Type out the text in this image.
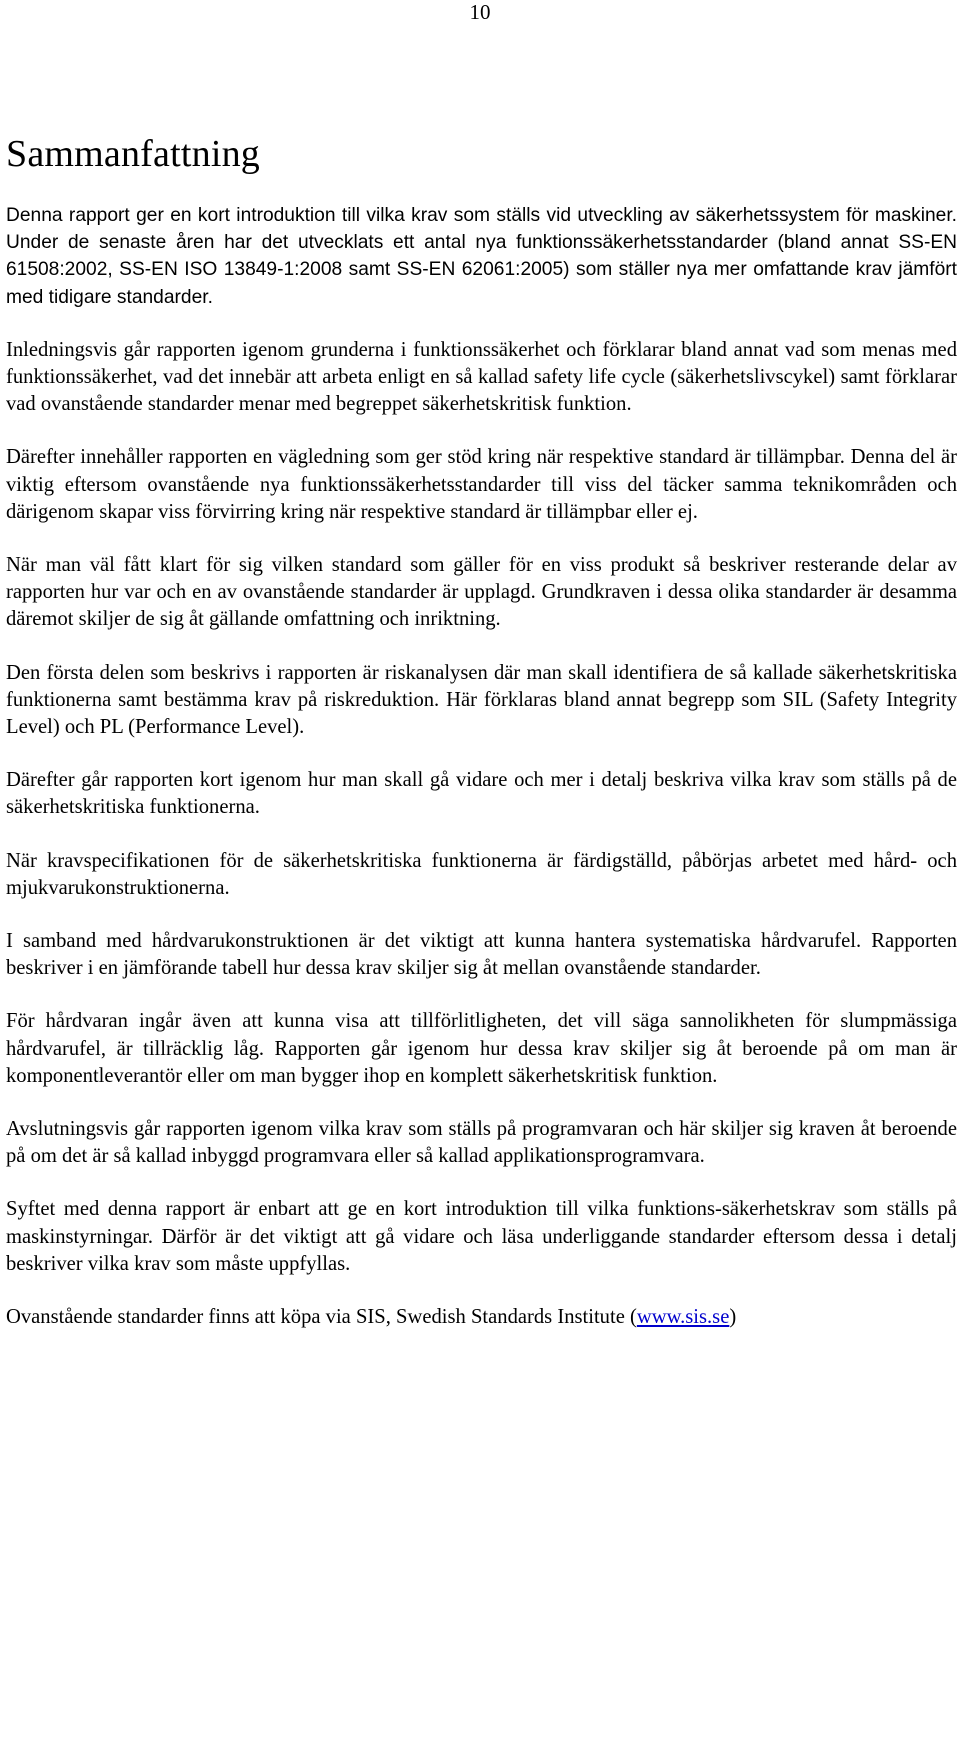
10
Sammanfattning

Denna rapport ger en kort introduktion till vilka krav som ställs vid utveckling av säkerhetssystem för maskiner. Under de senaste åren har det utvecklats ett antal nya funktionssäkerhetsstandarder (bland annat SS-EN 61508:2002, SS-EN ISO 13849-1:2008 samt SS-EN 62061:2005) som ställer nya mer omfattande krav jämfört med tidigare standarder.

Inledningsvis går rapporten igenom grunderna i funktionssäkerhet och förklarar bland annat vad som menas med funktionssäkerhet, vad det innebär att arbeta enligt en så kallad safety life cycle (säkerhetslivscykel) samt förklarar vad ovanstående standarder menar med begreppet säkerhetskritisk funktion.

Därefter innehåller rapporten en vägledning som ger stöd kring när respektive standard är tillämpbar. Denna del är viktig eftersom ovanstående nya funktionssäkerhetsstandarder till viss del täcker samma teknikområden och därigenom skapar viss förvirring kring när respektive standard är tillämpbar eller ej.

När man väl fått klart för sig vilken standard som gäller för en viss produkt så beskriver resterande delar av rapporten hur var och en av ovanstående standarder är upplagd. Grundkraven i dessa olika standarder är desamma däremot skiljer de sig åt gällande omfattning och inriktning.

Den första delen som beskrivs i rapporten är riskanalysen där man skall identifiera de så kallade säkerhetskritiska funktionerna samt bestämma krav på riskreduktion. Här förklaras bland annat begrepp som SIL (Safety Integrity Level) och PL (Performance Level).

Därefter går rapporten kort igenom hur man skall gå vidare och mer i detalj beskriva vilka krav som ställs på de säkerhetskritiska funktionerna.

När kravspecifikationen för de säkerhetskritiska funktionerna är färdigställd, påbörjas arbetet med hård- och mjukvarukonstruktionerna.

I samband med hårdvarukonstruktionen är det viktigt att kunna hantera systematiska hårdvarufel. Rapporten beskriver i en jämförande tabell hur dessa krav skiljer sig åt mellan ovanstående standarder.

För hårdvaran ingår även att kunna visa att tillförlitligheten, det vill säga sannolikheten för slumpmässiga hårdvarufel, är tillräcklig låg. Rapporten går igenom hur dessa krav skiljer sig åt beroende på om man är komponentleverantör eller om man bygger ihop en komplett säkerhetskritisk funktion.

Avslutningsvis går rapporten igenom vilka krav som ställs på programvaran och här skiljer sig kraven åt beroende på om det är så kallad inbyggd programvara eller så kallad applikationsprogramvara.

Syftet med denna rapport är enbart att ge en kort introduktion till vilka funktions-säkerhetskrav som ställs på maskinstyrningar. Därför är det viktigt att gå vidare och läsa underliggande standarder eftersom dessa i detalj beskriver vilka krav som måste uppfyllas.

Ovanstående standarder finns att köpa via SIS, Swedish Standards Institute (www.sis.se)
